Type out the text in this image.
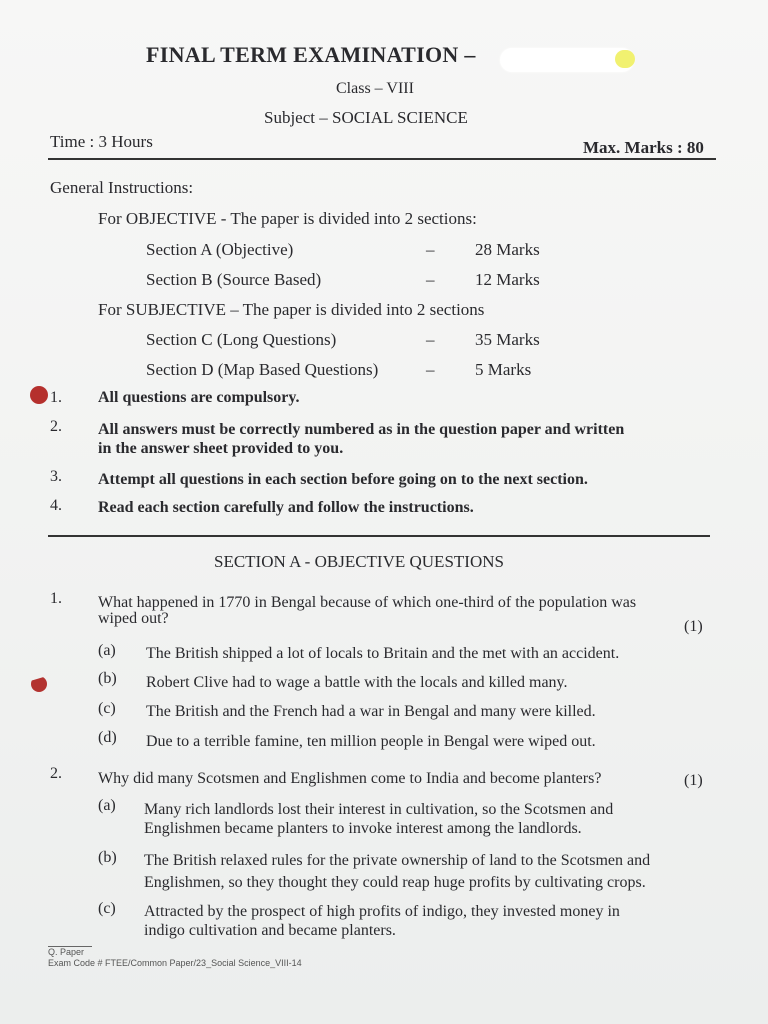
FINAL TERM EXAMINATION –
Class – VIII
Subject – SOCIAL SCIENCE
Time : 3 Hours	Max. Marks : 80
General Instructions:
For OBJECTIVE - The paper is divided into 2 sections:
Section A (Objective)	– 28 Marks
Section B (Source Based)	– 12 Marks
For SUBJECTIVE – The paper is divided into 2 sections
Section C (Long Questions)	– 35 Marks
Section D (Map Based Questions)	– 5 Marks
1. All questions are compulsory.
2. All answers must be correctly numbered as in the question paper and written
in the answer sheet provided to you.
3. Attempt all questions in each section before going on to the next section.
4. Read each section carefully and follow the instructions.
SECTION A - OBJECTIVE QUESTIONS
1. What happened in 1770 in Bengal because of which one-third of the population was
wiped out?	(1)
(a) The British shipped a lot of locals to Britain and the met with an accident.
(b) Robert Clive had to wage a battle with the locals and killed many.
(c) The British and the French had a war in Bengal and many were killed.
(d) Due to a terrible famine, ten million people in Bengal were wiped out.
2. Why did many Scotsmen and Englishmen come to India and become planters?	(1)
(a) Many rich landlords lost their interest in cultivation, so the Scotsmen and
Englishmen became planters to invoke interest among the landlords.
(b) The British relaxed rules for the private ownership of land to the Scotsmen and
Englishmen, so they thought they could reap huge profits by cultivating crops.
(c) Attracted by the prospect of high profits of indigo, they invested money in
indigo cultivation and became planters.
Q. Paper
Exam Code # FTEE/Common Paper/23_Social Science_VIII-14
